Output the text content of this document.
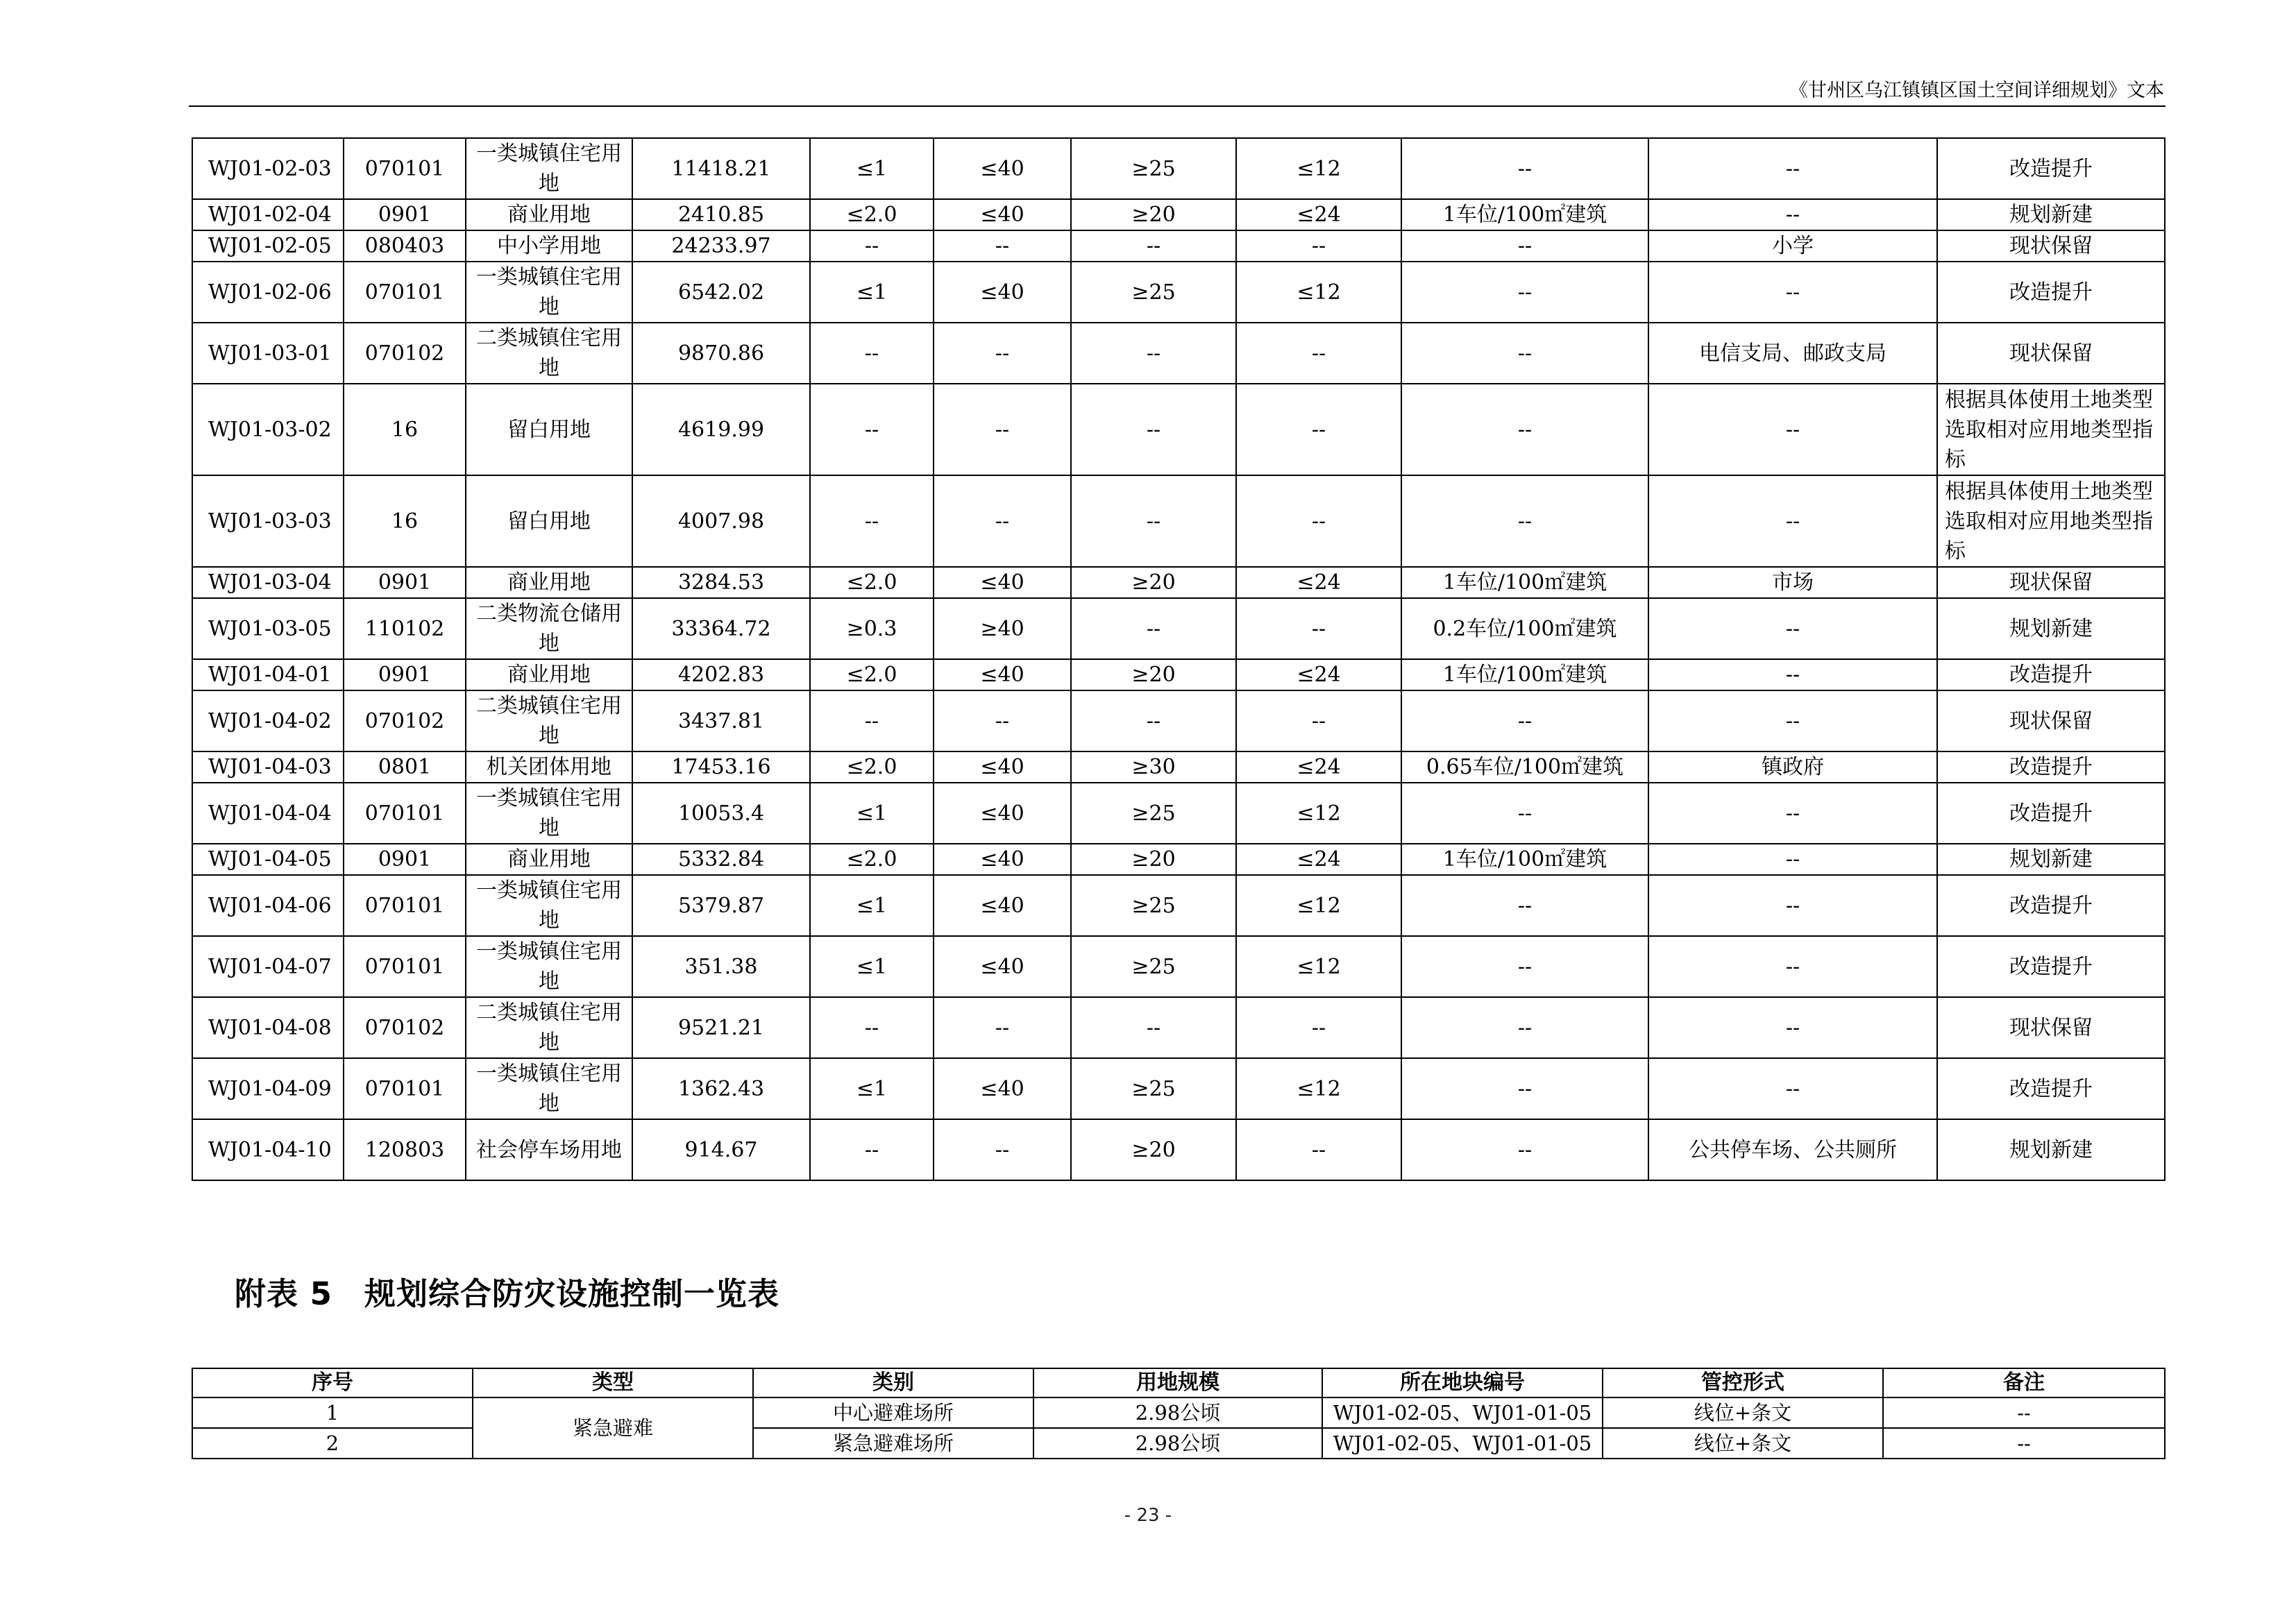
《甘州区乌江镇镇区国土空间详细规划》文本
WJ01-02-03	070101	一类城镇住宅用地	11418.21	≤1	≤40	≥25	≤12	--	--	改造提升
WJ01-02-04	0901	商业用地	2410.85	≤2.0	≤40	≥20	≤24	1车位/100㎡建筑	--	规划新建
WJ01-02-05	080403	中小学用地	24233.97	--	--	--	--	--	小学	现状保留
WJ01-02-06	070101	一类城镇住宅用地	6542.02	≤1	≤40	≥25	≤12	--	--	改造提升
WJ01-03-01	070102	二类城镇住宅用地	9870.86	--	--	--	--	--	电信支局、邮政支局	现状保留
WJ01-03-02	16	留白用地	4619.99	--	--	--	--	--	--	根据具体使用土地类型选取相对应用地类型指标
WJ01-03-03	16	留白用地	4007.98	--	--	--	--	--	--	根据具体使用土地类型选取相对应用地类型指标
WJ01-03-04	0901	商业用地	3284.53	≤2.0	≤40	≥20	≤24	1车位/100㎡建筑	市场	现状保留
WJ01-03-05	110102	二类物流仓储用地	33364.72	≥0.3	≥40	--	--	0.2车位/100㎡建筑	--	规划新建
WJ01-04-01	0901	商业用地	4202.83	≤2.0	≤40	≥20	≤24	1车位/100㎡建筑	--	改造提升
WJ01-04-02	070102	二类城镇住宅用地	3437.81	--	--	--	--	--	--	现状保留
WJ01-04-03	0801	机关团体用地	17453.16	≤2.0	≤40	≥30	≤24	0.65车位/100㎡建筑	镇政府	改造提升
WJ01-04-04	070101	一类城镇住宅用地	10053.4	≤1	≤40	≥25	≤12	--	--	改造提升
WJ01-04-05	0901	商业用地	5332.84	≤2.0	≤40	≥20	≤24	1车位/100㎡建筑	--	规划新建
WJ01-04-06	070101	一类城镇住宅用地	5379.87	≤1	≤40	≥25	≤12	--	--	改造提升
WJ01-04-07	070101	一类城镇住宅用地	351.38	≤1	≤40	≥25	≤12	--	--	改造提升
WJ01-04-08	070102	二类城镇住宅用地	9521.21	--	--	--	--	--	--	现状保留
WJ01-04-09	070101	一类城镇住宅用地	1362.43	≤1	≤40	≥25	≤12	--	--	改造提升
WJ01-04-10	120803	社会停车场用地	914.67	--	--	≥20	--	--	公共停车场、公共厕所	规划新建
附表 5　规划综合防灾设施控制一览表
序号	类型	类别	用地规模	所在地块编号	管控形式	备注
1	紧急避难	中心避难场所	2.98公顷	WJ01-02-05、WJ01-01-05	线位+条文	--
2		紧急避难场所	2.98公顷	WJ01-02-05、WJ01-01-05	线位+条文	--
- 23 -
